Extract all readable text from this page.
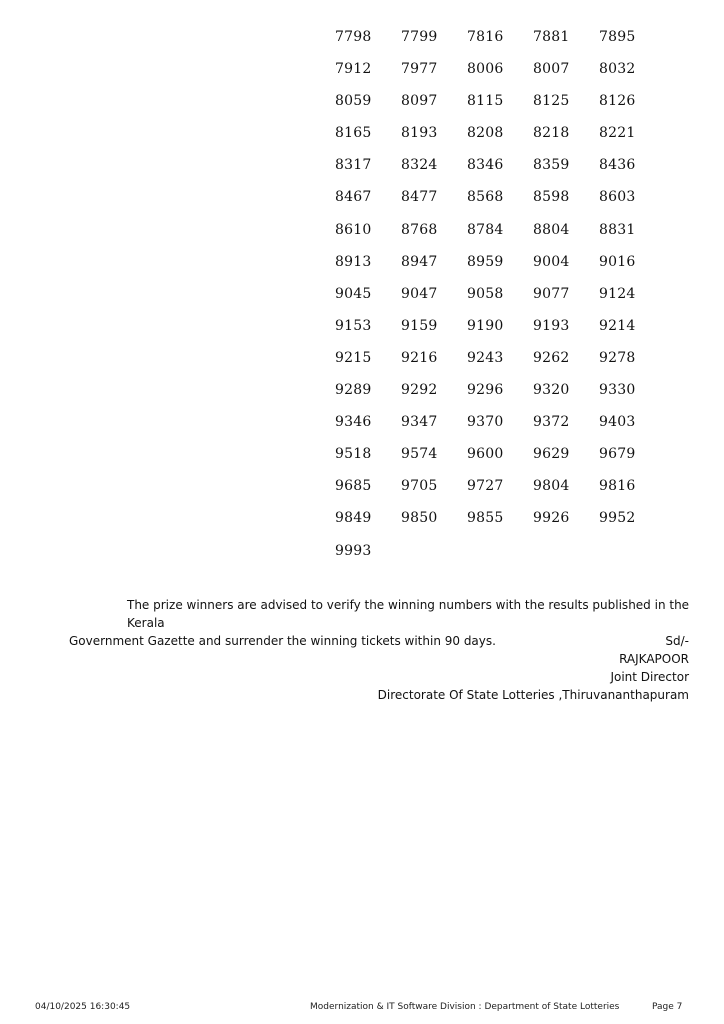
7798	7799	7816	7881	7895
7912	7977	8006	8007	8032
8059	8097	8115	8125	8126
8165	8193	8208	8218	8221
8317	8324	8346	8359	8436
8467	8477	8568	8598	8603
8610	8768	8784	8804	8831
8913	8947	8959	9004	9016
9045	9047	9058	9077	9124
9153	9159	9190	9193	9214
9215	9216	9243	9262	9278
9289	9292	9296	9320	9330
9346	9347	9370	9372	9403
9518	9574	9600	9629	9679
9685	9705	9727	9804	9816
9849	9850	9855	9926	9952
9993
The prize winners are advised to verify the winning numbers with the results published in the Kerala
Government Gazette and surrender the winning tickets within 90 days.	Sd/-
RAJKAPOOR
Joint Director
Directorate Of State Lotteries ,Thiruvananthapuram
04/10/2025 16:30:45	Modernization & IT Software Division : Department of State Lotteries	Page 7
